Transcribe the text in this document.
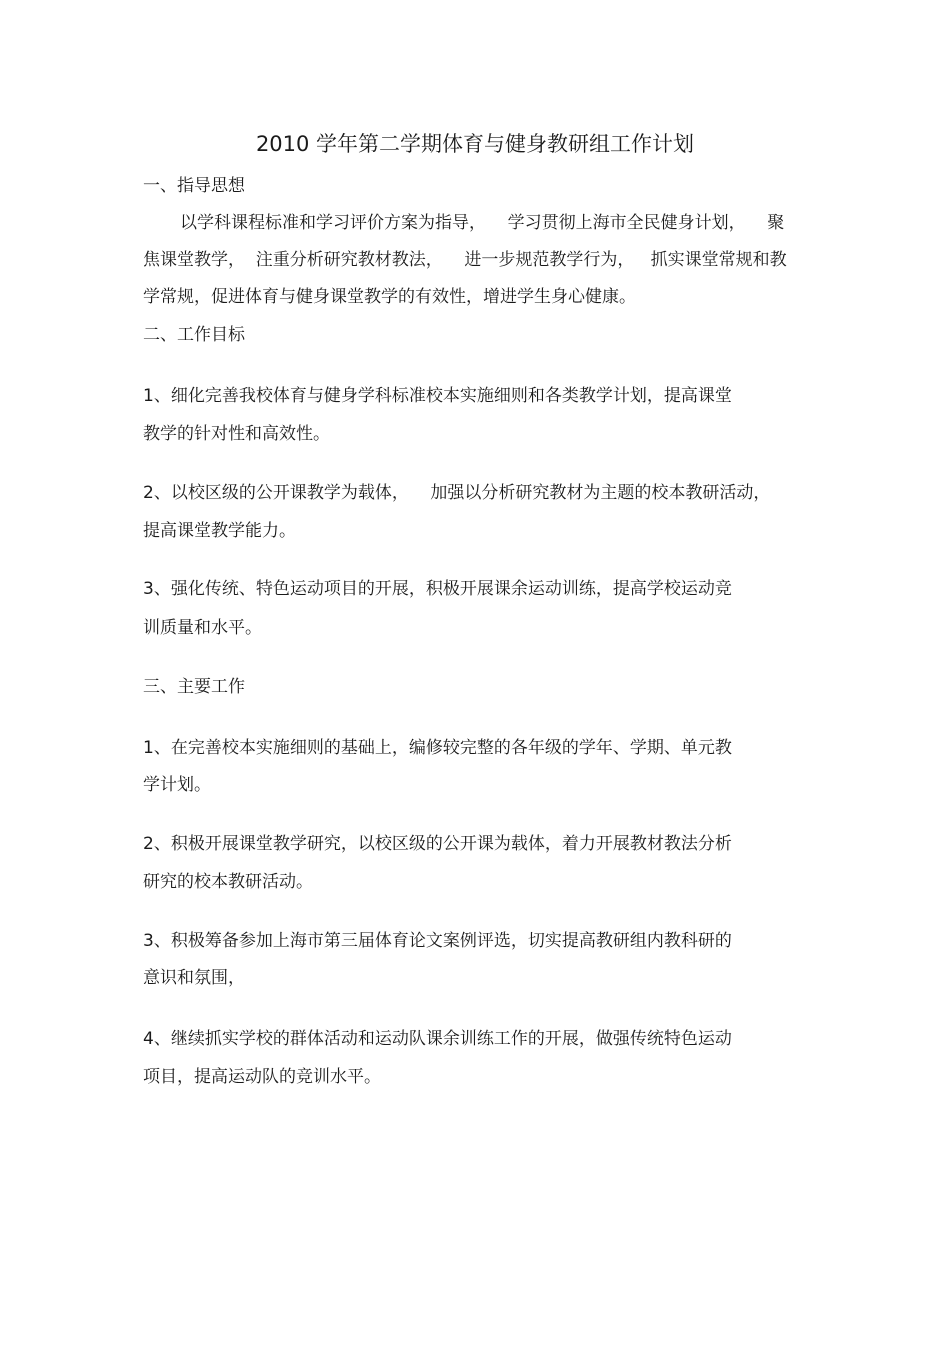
2010 学年第二学期体育与健身教研组工作计划
一、指导思想
以学科课程标准和学习评价方案为指导，    学习贯彻上海市全民健身计划，    聚
焦课堂教学，  注重分析研究教材教法，    进一步规范教学行为，   抓实课堂常规和教
学常规，促进体育与健身课堂教学的有效性，增进学生身心健康。
二、工作目标
1、细化完善我校体育与健身学科标准校本实施细则和各类教学计划，提高课堂
教学的针对性和高效性。
2、以校区级的公开课教学为载体，    加强以分析研究教材为主题的校本教研活动，
提高课堂教学能力。
3、强化传统、特色运动项目的开展，积极开展课余运动训练，提高学校运动竞
训质量和水平。
三、主要工作
1、在完善校本实施细则的基础上，编修较完整的各年级的学年、学期、单元教
学计划。
2、积极开展课堂教学研究，以校区级的公开课为载体，着力开展教材教法分析
研究的校本教研活动。
3、积极筹备参加上海市第三届体育论文案例评选，切实提高教研组内教科研的
意识和氛围，
4、继续抓实学校的群体活动和运动队课余训练工作的开展，做强传统特色运动
项目，提高运动队的竞训水平。
